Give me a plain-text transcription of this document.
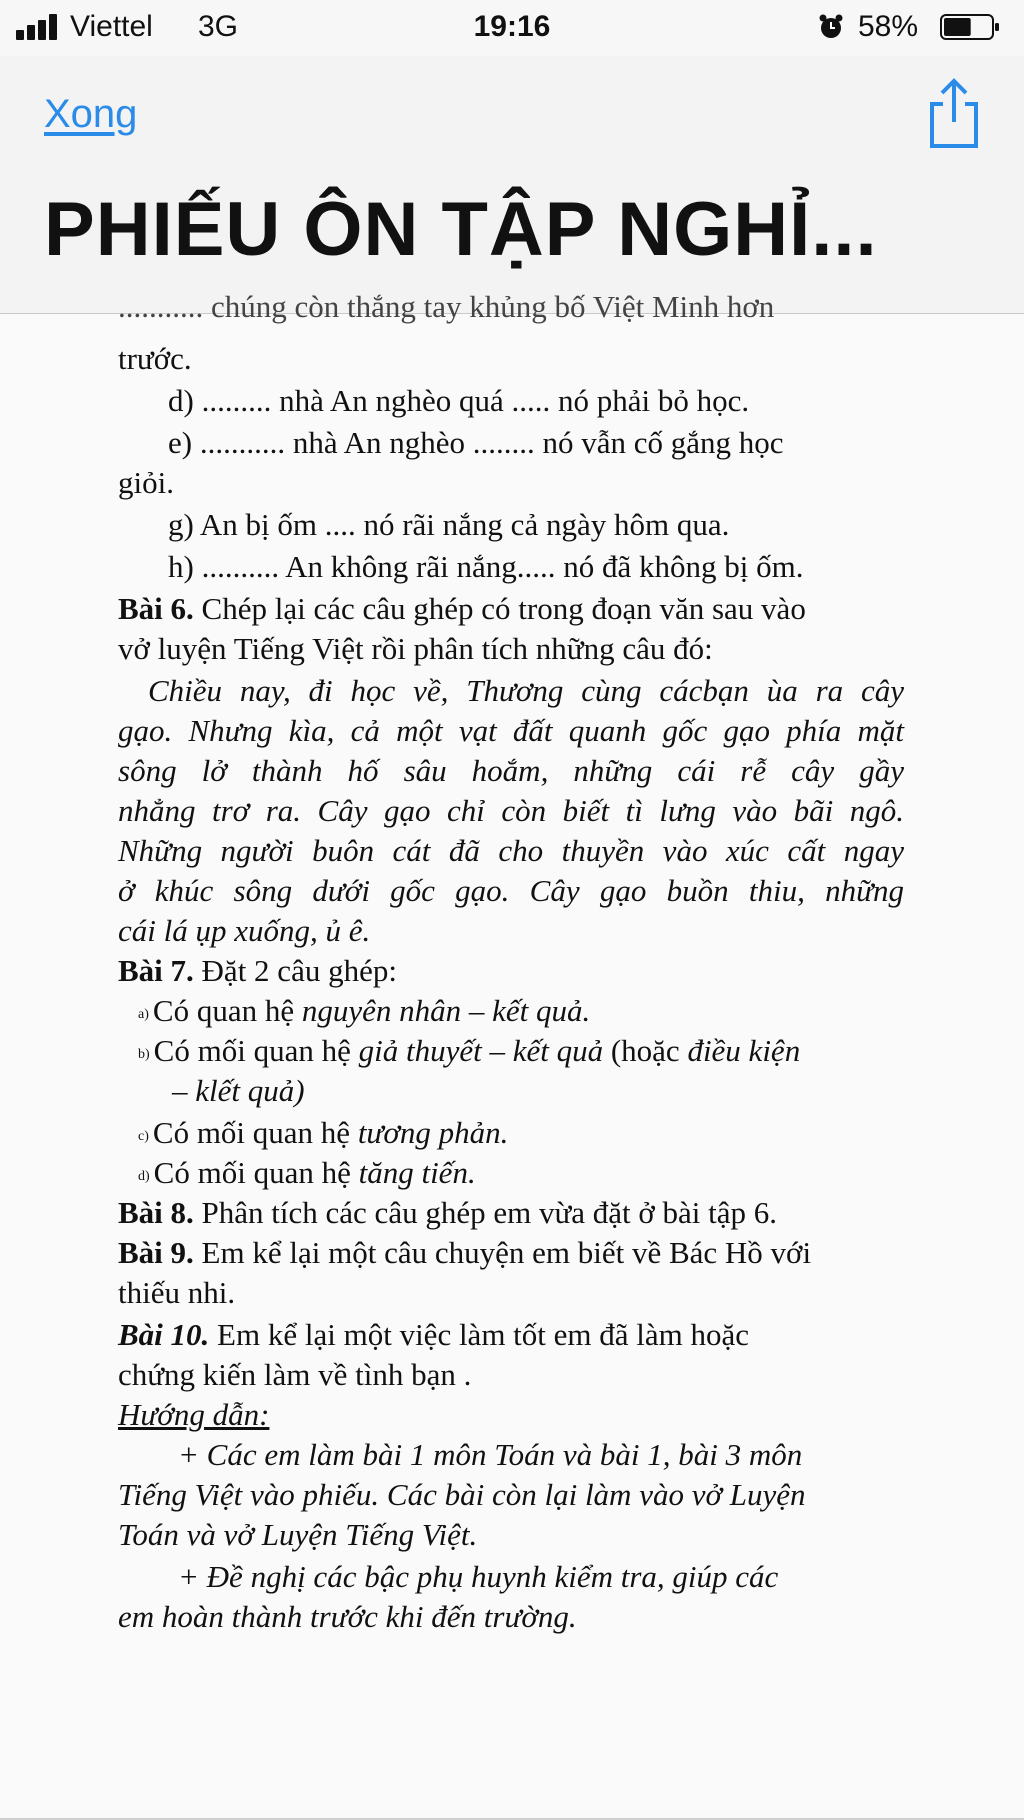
Viettel 3G	19:16	58%
Xong
PHIẾU ÔN TẬP NGHỈ...
........... chúng còn thắng tay khủng bố Việt Minh hơn
trước.
d) ......... nhà An nghèo quá ..... nó phải bỏ học.
e) ........... nhà An nghèo ........ nó vẫn cố gắng học
giỏi.
g) An bị ốm .... nó rãi nắng cả ngày hôm qua.
h) .......... An không rãi nắng..... nó đã không bị ốm.
Bài 6. Chép lại các câu ghép có trong đoạn văn sau vào
vở luyện Tiếng Việt rồi phân tích những câu đó:
Chiều nay, đi học về, Thương cùng cácbạn ùa ra cây
gạo. Nhưng kìa, cả một vạt đất quanh gốc gạo phía mặt
sông lở thành hố sâu hoắm, những cái rễ cây gầy
nhẳng trơ ra. Cây gạo chỉ còn biết tì lưng vào bãi ngô.
Những người buôn cát đã cho thuyền vào xúc cất ngay
ở khúc sông dưới gốc gạo. Cây gạo buồn thiu, những
cái lá ụp xuống, ủ ê.
Bài 7. Đặt 2 câu ghép:
a) Có quan hệ nguyên nhân – kết quả.
b) Có mối quan hệ giả thuyết – kết quả (hoặc điều kiện
– klết quả)
c) Có mối quan hệ tương phản.
d) Có mối quan hệ tăng tiến.
Bài 8. Phân tích các câu ghép em vừa đặt ở bài tập 6.
Bài 9. Em kể lại một câu chuyện em biết về Bác Hồ với
thiếu nhi.
Bài 10. Em kể lại một việc làm tốt em đã làm hoặc
chứng kiến làm về tình bạn .
Hướng dẫn:
+ Các em làm bài 1 môn Toán và bài 1, bài 3 môn
Tiếng Việt vào phiếu. Các bài còn lại làm vào vở Luyện
Toán và vở Luyện Tiếng Việt.
+ Đề nghị các bậc phụ huynh kiểm tra, giúp các
em hoàn thành trước khi đến trường.
